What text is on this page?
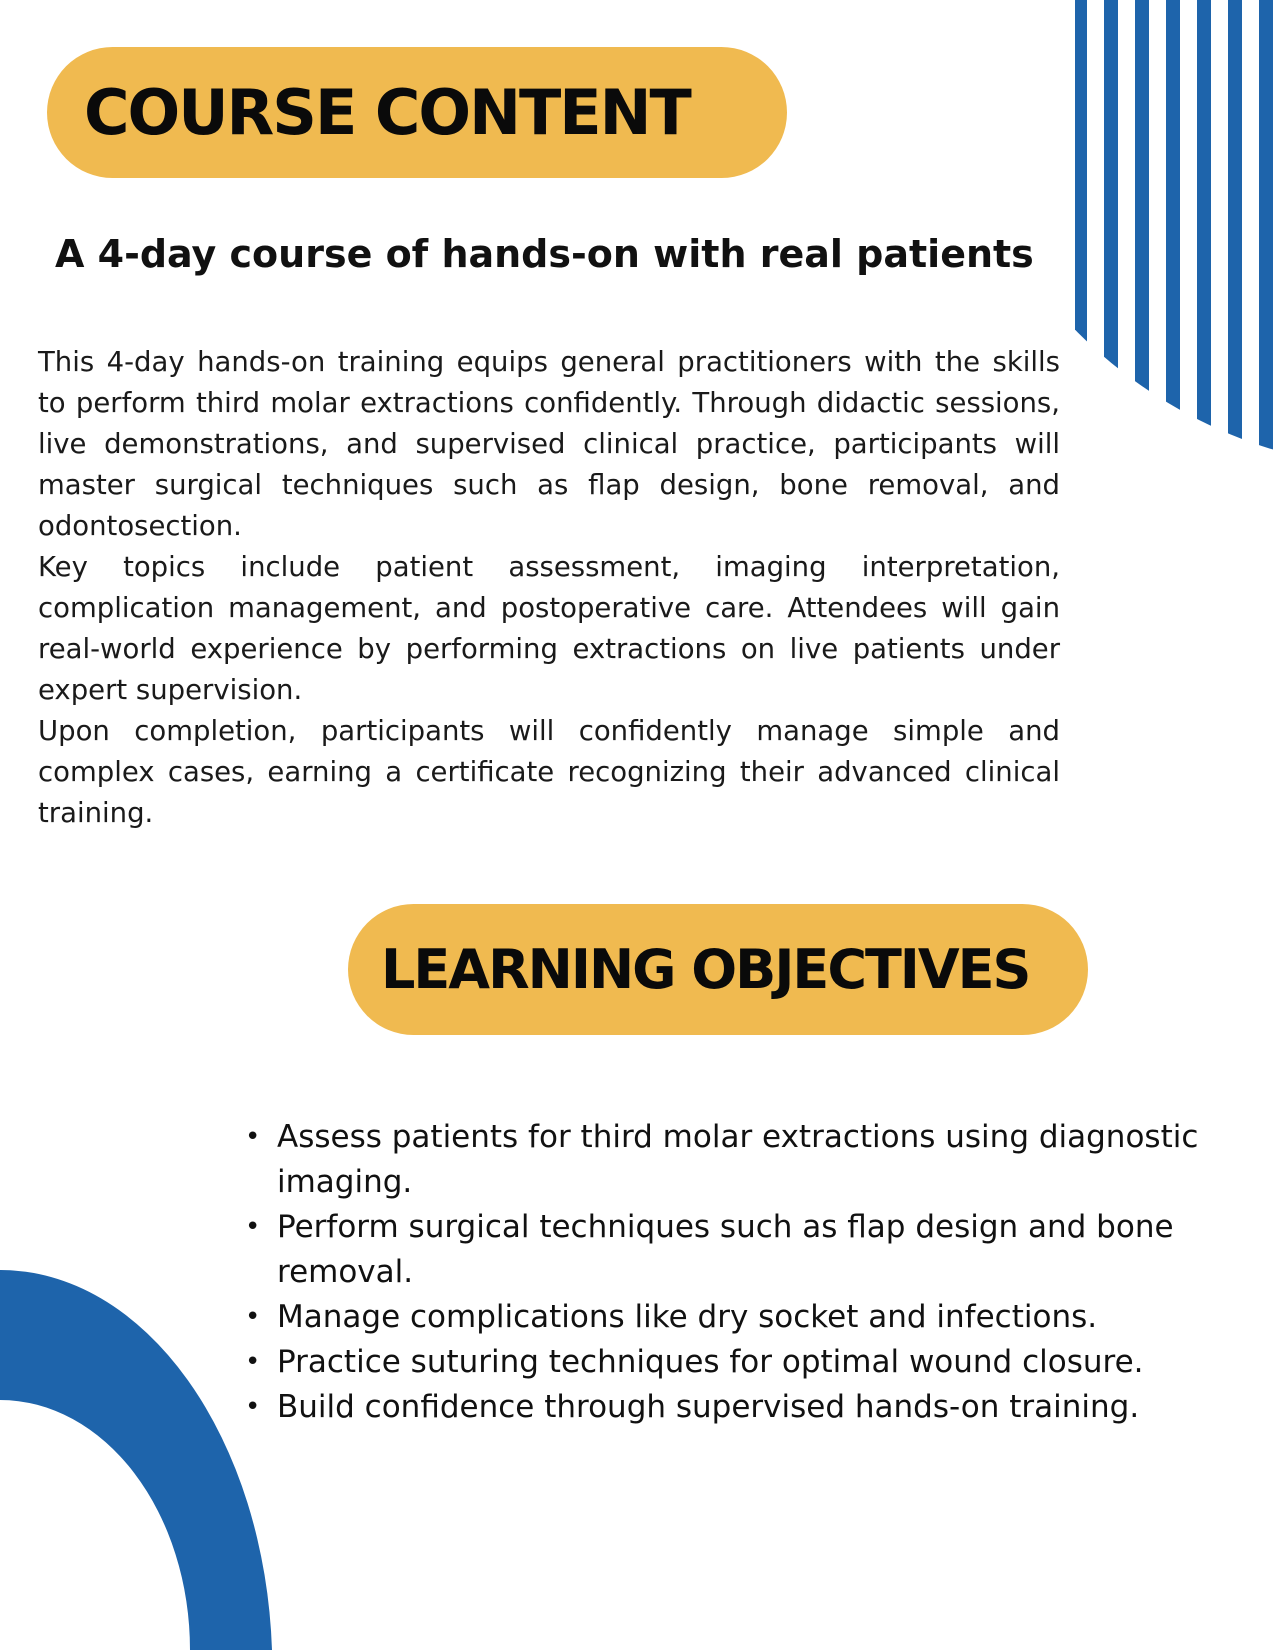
COURSE CONTENT
A 4-day course of hands-on with real patients

This 4-day hands-on training equips general practitioners with the skills to perform third molar extractions confidently. Through didactic sessions, live demonstrations, and supervised clinical practice, participants will master surgical techniques such as flap design, bone removal, and odontosection.

Key topics include patient assessment, imaging interpretation, complication management, and postoperative care. Attendees will gain real-world experience by performing extractions on live patients under expert supervision.

Upon completion, participants will confidently manage simple and complex cases, earning a certificate recognizing their advanced clinical training.

LEARNING OBJECTIVES
• Assess patients for third molar extractions using diagnostic imaging.
• Perform surgical techniques such as flap design and bone removal.
• Manage complications like dry socket and infections.
• Practice suturing techniques for optimal wound closure.
• Build confidence through supervised hands-on training.
